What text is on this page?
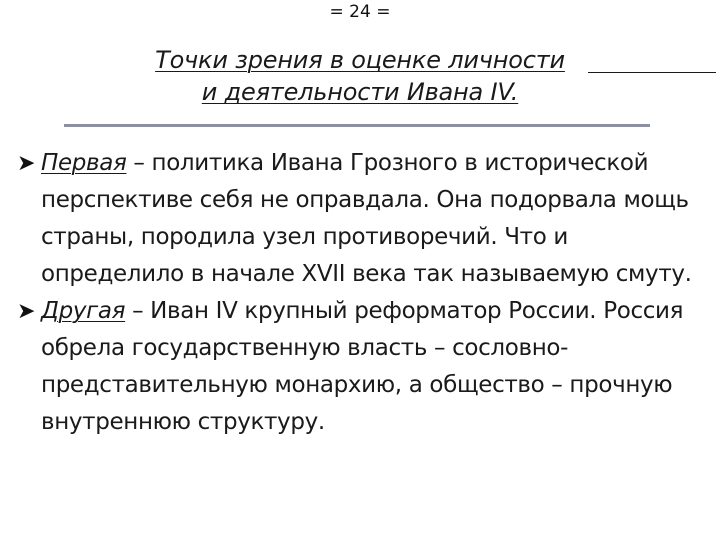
= 24 =
Точки зрения в оценке личности
и деятельности Ивана IV.
➤ Первая – политика Ивана Грозного в исторической перспективе себя не оправдала. Она подорвала мощь страны, породила узел противоречий. Что и определило в начале XVII века так называемую смуту.
➤ Другая – Иван IV крупный реформатор России. Россия обрела государственную власть – сословно-представительную монархию, а общество – прочную внутреннюю структуру.
